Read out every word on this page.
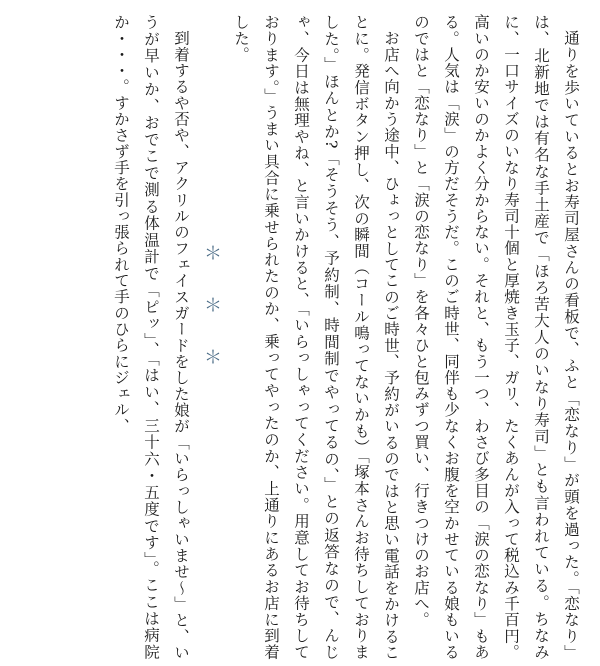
通りを歩いているとお寿司屋さんの看板で、ふと「恋なり」が頭を過った。「恋なり」は、北新地では有名な手土産で「ほろ苦大人のいなり寿司」とも言われている。ちなみに、一口サイズのいなり寿司十個と厚焼き玉子、ガリ、たくあんが入って税込み千百円。高いのか安いのかよく分からない。それと、もう一つ、わさび多目の「涙の恋なり」もある。人気は「涙」の方だそうだ。このご時世、同伴も少なくお腹を空かせている娘もいるのではと「恋なり」と「涙の恋なり」を各々ひと包みずつ買い、行きつけのお店へ。

お店へ向かう途中、ひょっとしてこのご時世、予約がいるのではと思い電話をかけることに。発信ボタン押し、次の瞬間（コール鳴ってないかも）「塚本さんお待ちしておりました。」ほんとか?「そうそう、予約制、時間制でやってるの、」との返答なので、んじゃ、今日は無理やね、と言いかけると、「いらっしゃってください。用意してお待ちしております。」うまい具合に乗せられたのか、乗ってやったのか、上通りにあるお店に到着した。

＊＊＊

到着するや否や、アクリルのフェイスガードをした娘が「いらっしゃいませ～」と、いうが早いか、おでこで測る体温計で「ピッ」、「はい、三十六・五度です」。ここは病院か・・・。すかさず手を引っ張られて手のひらにジェル、
